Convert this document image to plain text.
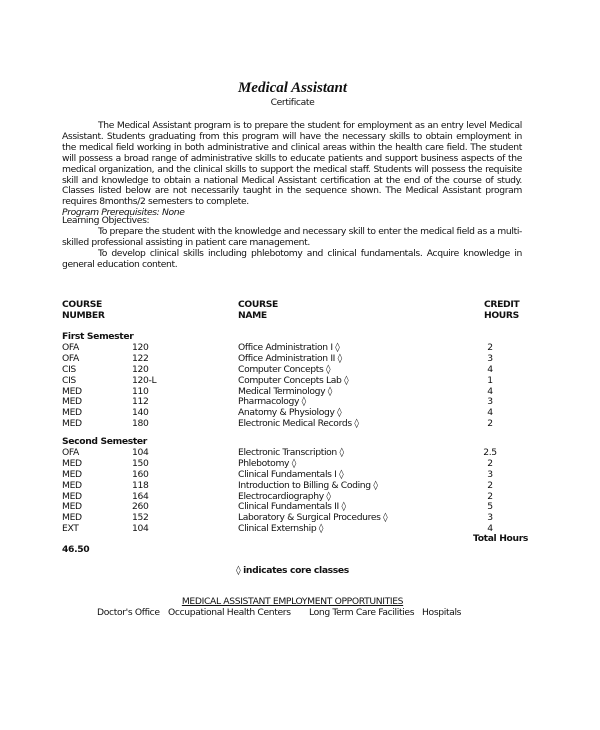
Medical Assistant
Certificate

The Medical Assistant program is to prepare the student for employment as an entry level Medical Assistant. Students graduating from this program will have the necessary skills to obtain employment in the medical field working in both administrative and clinical areas within the health care field. The student will possess a broad range of administrative skills to educate patients and support business aspects of the medical organization, and the clinical skills to support the medical staff. Students will possess the requisite skill and knowledge to obtain a national Medical Assistant certification at the end of the course of study. Classes listed below are not necessarily taught in the sequence shown. The Medical Assistant program requires 8months/2 semesters to complete.

Program Prerequisites: None
Learning Objectives:

To prepare the student with the knowledge and necessary skill to enter the medical field as a multi-skilled professional assisting in patient care management.

To develop clinical skills including phlebotomy and clinical fundamentals. Acquire knowledge in general education content.

COURSE
NUMBER
COURSE
NAME
CREDIT
HOURS
First Semester
OFA	120	Office Administration I ◊	2
OFA	122	Office Administration II ◊	3
CIS	120	Computer Concepts ◊	4
CIS	120-L	Computer Concepts Lab ◊	1
MED	110	Medical Terminology ◊	4
MED	112	Pharmacology ◊	3
MED	140	Anatomy & Physiology ◊	4
MED	180	Electronic Medical Records ◊	2
Second Semester
OFA	104	Electronic Transcription ◊	2.5
MED	150	Phlebotomy ◊	2
MED	160	Clinical Fundamentals I ◊	3
MED	118	Introduction to Billing & Coding ◊	2
MED	164	Electrocardiography ◊	2
MED	260	Clinical Fundamentals II ◊	5
MED	152	Laboratory & Surgical Procedures ◊	3
EXT	104	Clinical Externship ◊	4
Total Hours
46.50
◊ indicates core classes
MEDICAL ASSISTANT EMPLOYMENT OPPORTUNITIES
Doctor's Office Occupational Health Centers Long Term Care Facilities Hospitals
